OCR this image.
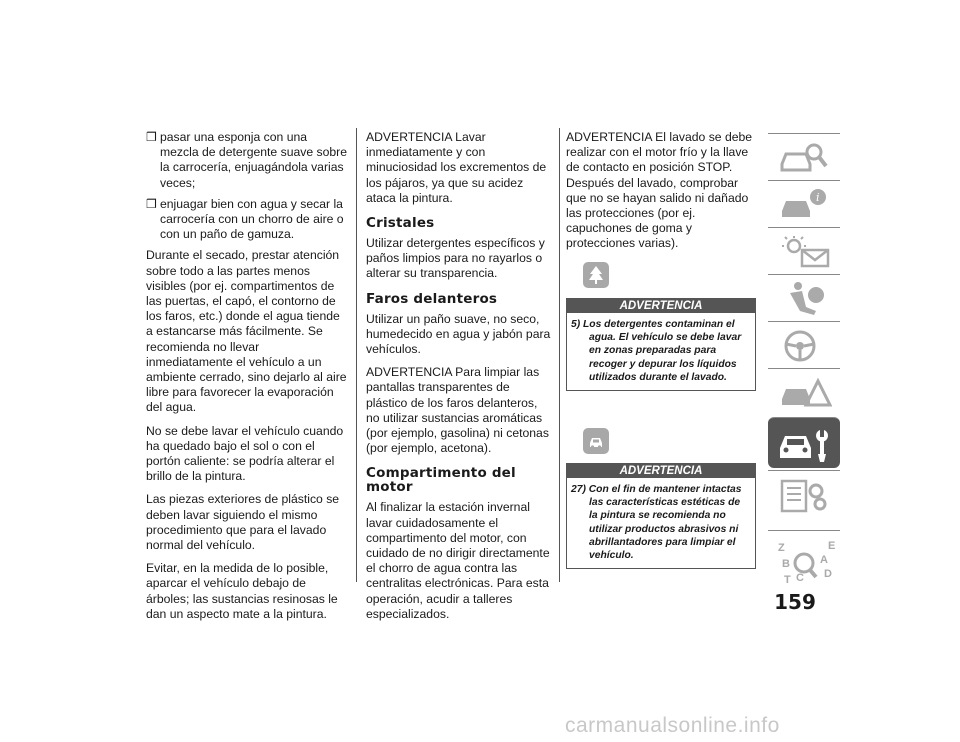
❒ pasar una esponja con una mezcla de detergente suave sobre la carrocería, enjuagándola varias veces;

❒ enjuagar bien con agua y secar la carrocería con un chorro de aire o con un paño de gamuza.

Durante el secado, prestar atención sobre todo a las partes menos visibles (por ej. compartimentos de las puertas, el capó, el contorno de los faros, etc.) donde el agua tiende a estancarse más fácilmente. Se recomienda no llevar inmediatamente el vehículo a un ambiente cerrado, sino dejarlo al aire libre para favorecer la evaporación del agua.

No se debe lavar el vehículo cuando ha quedado bajo el sol o con el portón caliente: se podría alterar el brillo de la pintura.

Las piezas exteriores de plástico se deben lavar siguiendo el mismo procedimiento que para el lavado normal del vehículo.

Evitar, en la medida de lo posible, aparcar el vehículo debajo de árboles; las sustancias resinosas le dan un aspecto mate a la pintura.

ADVERTENCIA Lavar inmediatamente y con minuciosidad los excrementos de los pájaros, ya que su acidez ataca la pintura.

Cristales

Utilizar detergentes específicos y paños limpios para no rayarlos o alterar su transparencia.

Faros delanteros

Utilizar un paño suave, no seco, humedecido en agua y jabón para vehículos.

ADVERTENCIA Para limpiar las pantallas transparentes de plástico de los faros delanteros, no utilizar sustancias aromáticas (por ejemplo, gasolina) ni cetonas (por ejemplo, acetona).

Compartimento del motor

Al finalizar la estación invernal lavar cuidadosamente el compartimento del motor, con cuidado de no dirigir directamente el chorro de agua contra las centralitas electrónicas. Para esta operación, acudir a talleres especializados.

ADVERTENCIA El lavado se debe realizar con el motor frío y la llave de contacto en posición STOP. Después del lavado, comprobar que no se hayan salido ni dañado las protecciones (por ej. capuchones de goma y protecciones varias).

ADVERTENCIA
5) Los detergentes contaminan el agua. El vehículo se debe lavar en zonas preparadas para recoger y depurar los líquidos utilizados durante el lavado.
ADVERTENCIA
27) Con el fin de mantener intactas las características estéticas de la pintura se recomienda no utilizar productos abrasivos ni abrillantadores para limpiar el vehículo.
i
Z	E
A
B
C
T	D
159
carmanualsonline.info
